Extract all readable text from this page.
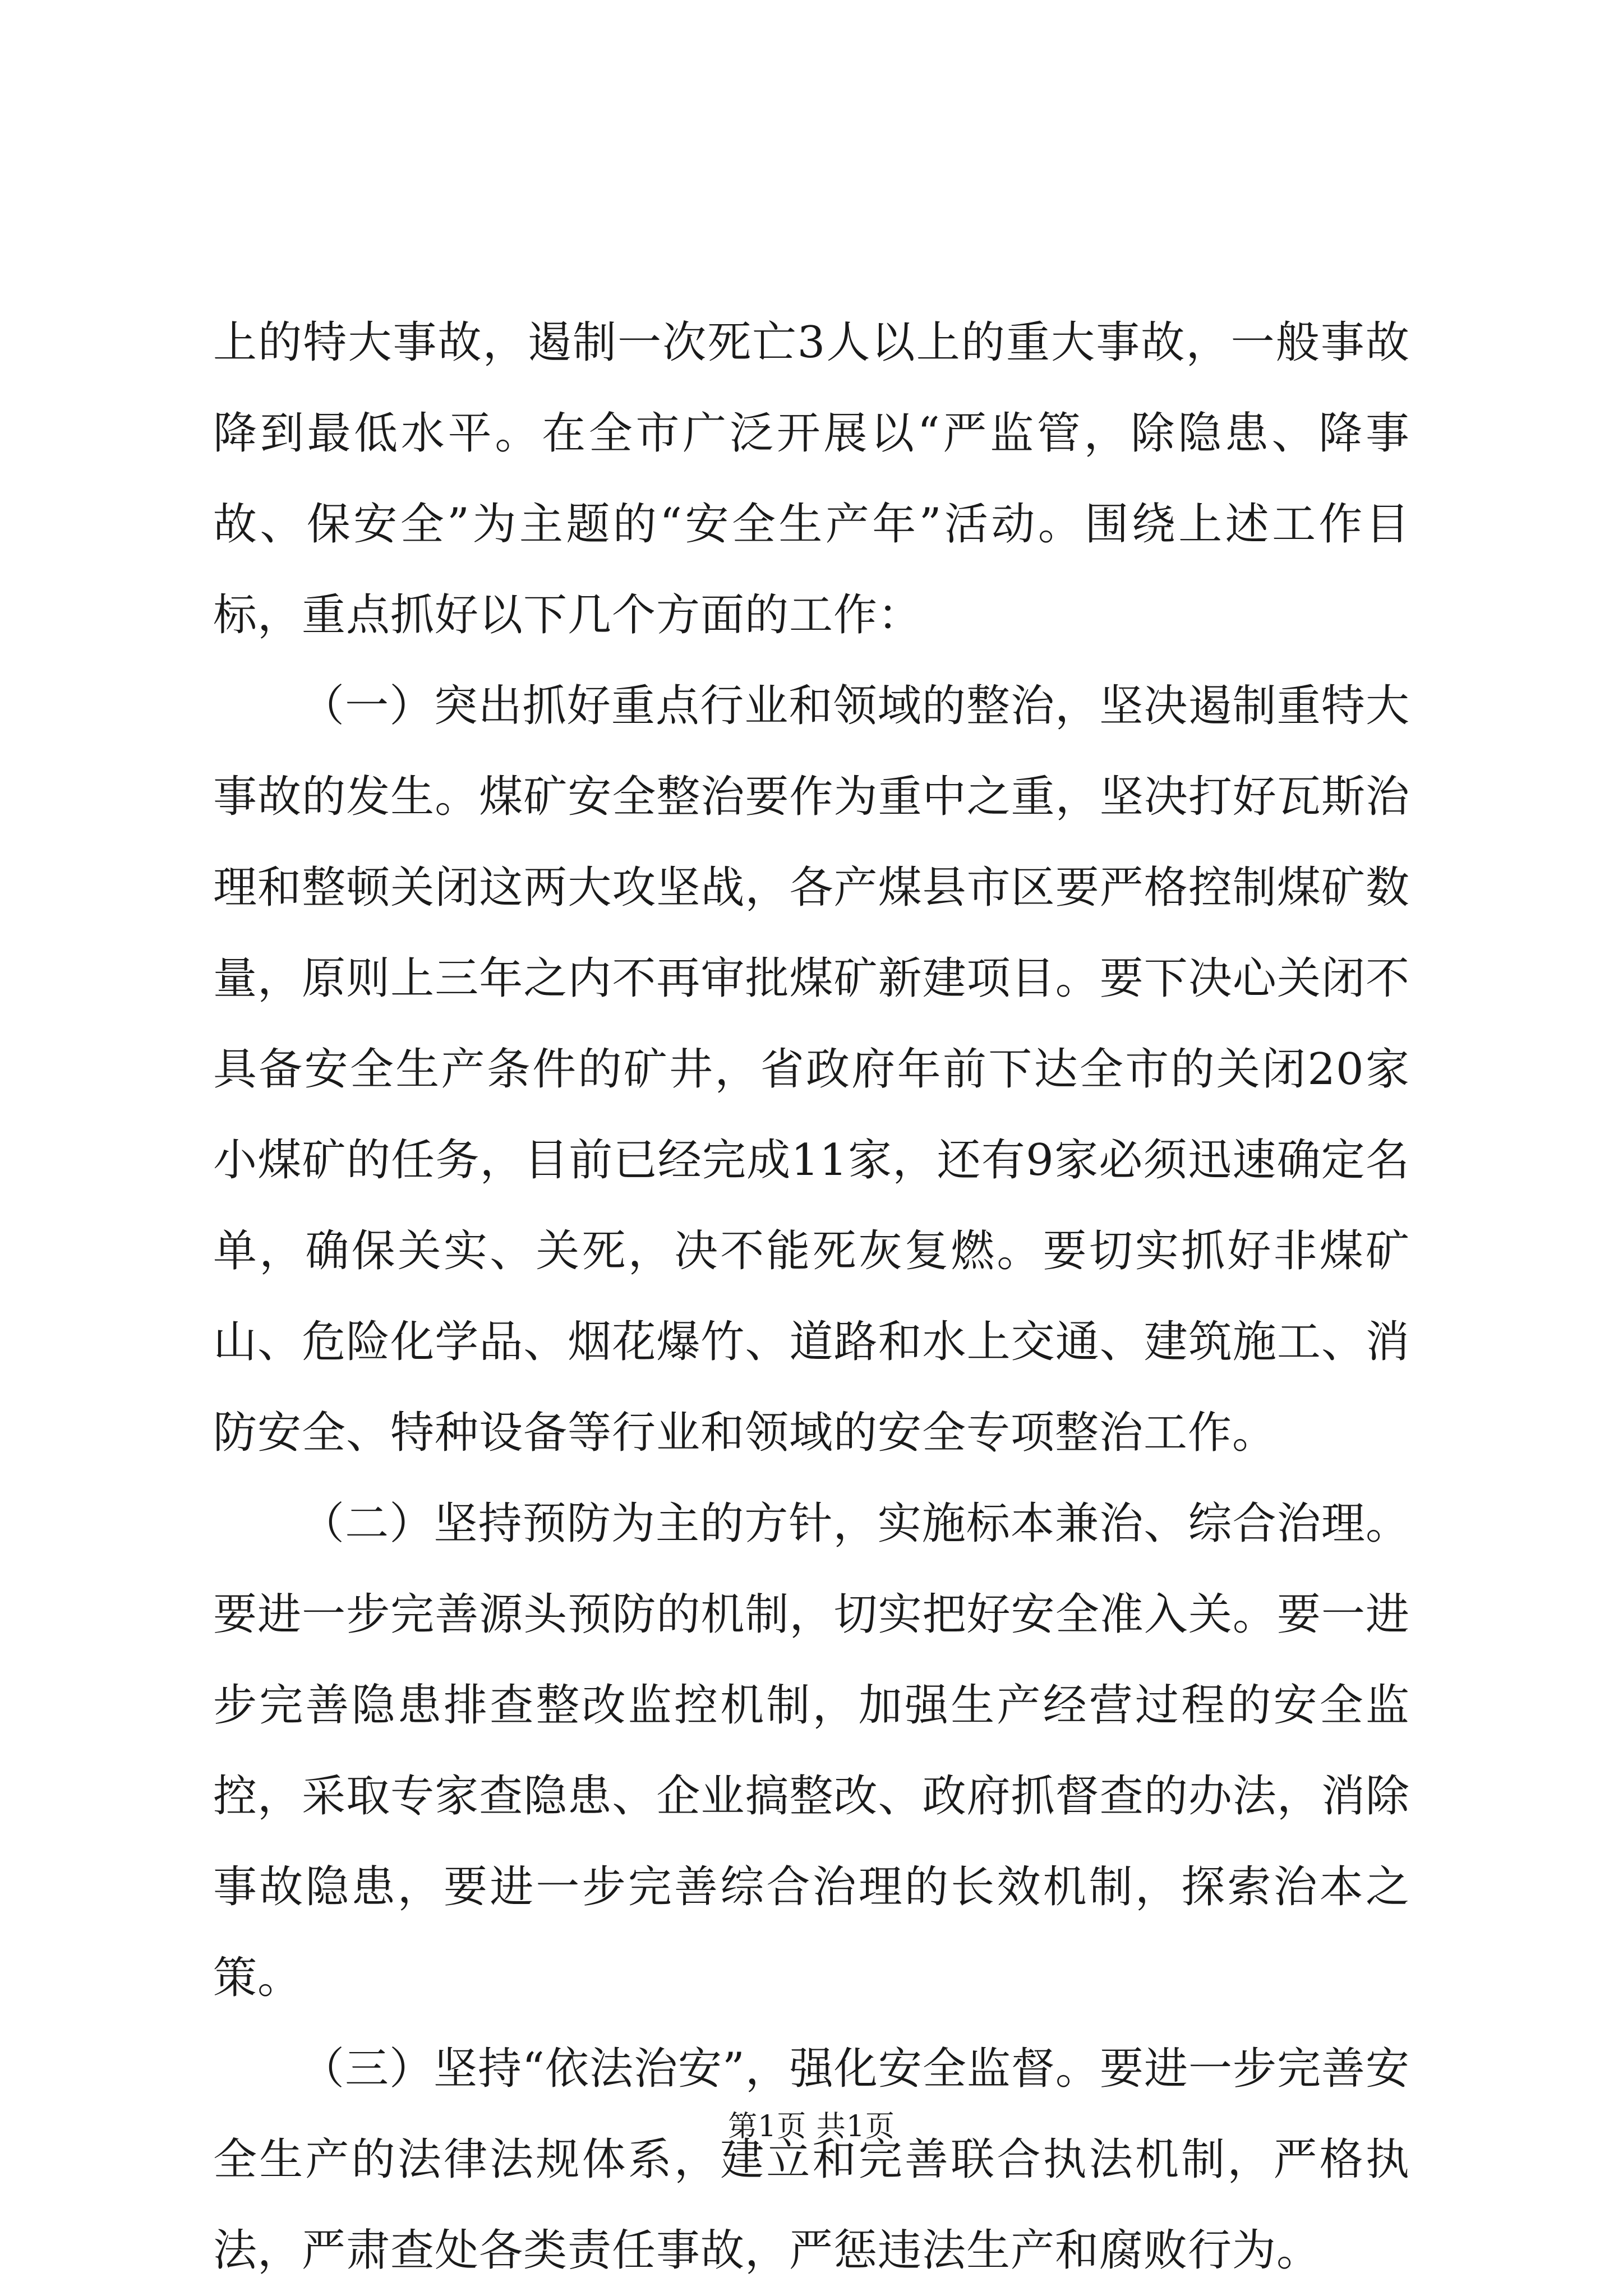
上的特大事故，遏制一次死亡3人以上的重大事故，一般事故降到最低水平。在全市广泛开展以“严监管，除隐患、降事故、保安全”为主题的“安全生产年”活动。围绕上述工作目标，重点抓好以下几个方面的工作：

（一）突出抓好重点行业和领域的整治，坚决遏制重特大事故的发生。煤矿安全整治要作为重中之重，坚决打好瓦斯治理和整顿关闭这两大攻坚战，各产煤县市区要严格控制煤矿数量，原则上三年之内不再审批煤矿新建项目。要下决心关闭不具备安全生产条件的矿井，省政府年前下达全市的关闭20家小煤矿的任务，目前已经完成11家，还有9家必须迅速确定名单，确保关实、关死，决不能死灰复燃。要切实抓好非煤矿山、危险化学品、烟花爆竹、道路和水上交通、建筑施工、消防安全、特种设备等行业和领域的安全专项整治工作。

（二）坚持预防为主的方针，实施标本兼治、综合治理。要进一步完善源头预防的机制，切实把好安全准入关。要一进步完善隐患排查整改监控机制，加强生产经营过程的安全监控，采取专家查隐患、企业搞整改、政府抓督查的办法，消除事故隐患，要进一步完善综合治理的长效机制，探索治本之策。

（三）坚持“依法治安”，强化安全监督。要进一步完善安全生产的法律法规体系，建立和完善联合执法机制，严格执法，严肃查处各类责任事故，严惩违法生产和腐败行为。

第1页 共1页
